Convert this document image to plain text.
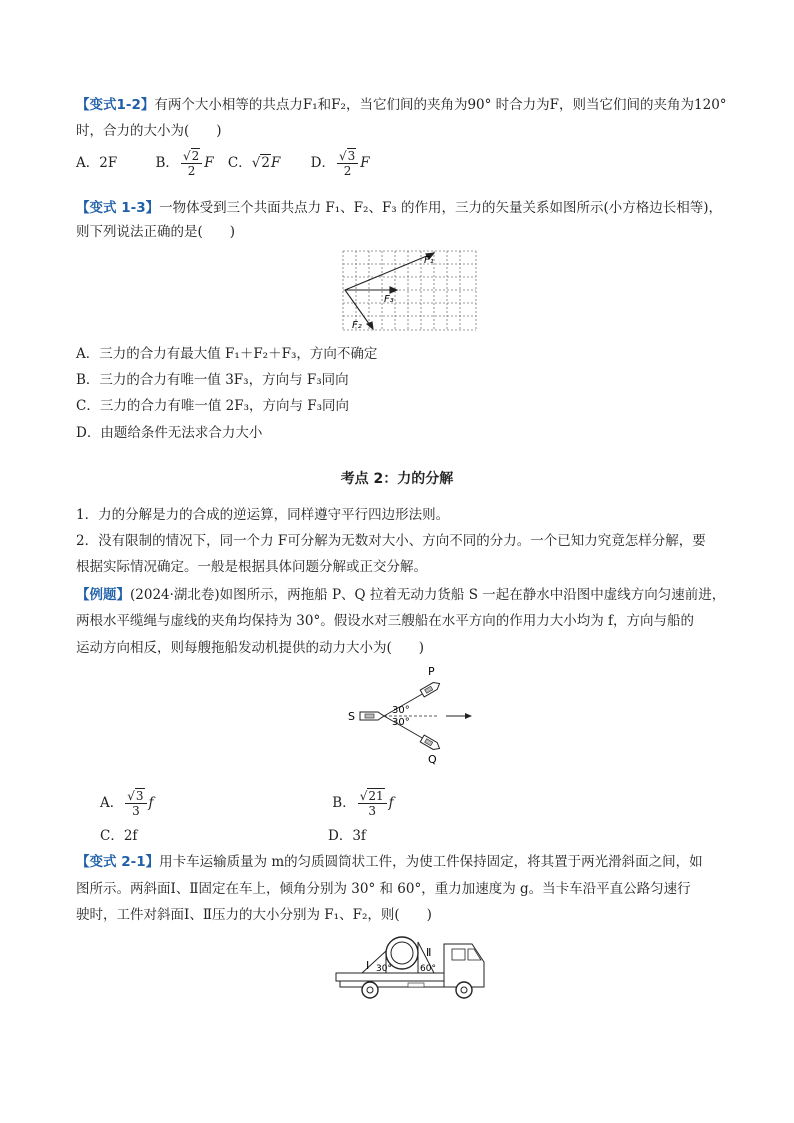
【变式1-2】有两个大小相等的共点力F₁和F₂，当它们间的夹角为90° 时合力为F，则当它们间的夹角为120°
时，合力的大小为(　　)
A．2F	B． $\frac{√2}{2}$ F C．√2F D． $\frac{√3}{2}$ F
【变式 1-3】一物体受到三个共面共点力 F₁、F₂、F₃ 的作用，三力的矢量关系如图所示(小方格边长相等)，
则下列说法正确的是(　　)
F₁
F₃
F₂
A．三力的合力有最大值 F₁＋F₂＋F₃，方向不确定
B．三力的合力有唯一值 3F₃，方向与 F₃同向
C．三力的合力有唯一值 2F₃，方向与 F₃同向
D．由题给条件无法求合力大小
考点 2：力的分解
1．力的分解是力的合成的逆运算，同样遵守平行四边形法则。
2．没有限制的情况下，同一个力 F可分解为无数对大小、方向不同的分力。一个已知力究竟怎样分解，要
根据实际情况确定。一般是根据具体问题分解或正交分解。
【例题】(2024·湖北卷)如图所示，两拖船 P、Q 拉着无动力货船 S 一起在静水中沿图中虚线方向匀速前进，
两根水平缆绳与虚线的夹角均保持为 30°。假设水对三艘船在水平方向的作用力大小均为 f，方向与船的
运动方向相反，则每艘拖船发动机提供的动力大小为(　　)
P
Q
S	30°
30°
A． $\frac{√3}{3}$ f	B． $\frac{√21}{3}$ f
C．2f	D．3f
【变式 2-1】用卡车运输质量为 m的匀质圆筒状工件，为使工件保持固定，将其置于两光滑斜面之间，如
图所示。两斜面Ⅰ、Ⅱ固定在车上，倾角分别为 30° 和 60°，重力加速度为 g。当卡车沿平直公路匀速行
驶时，工件对斜面Ⅰ、Ⅱ压力的大小分别为 F₁、F₂，则(　　)
Ⅰ 30°
Ⅱ
60°
